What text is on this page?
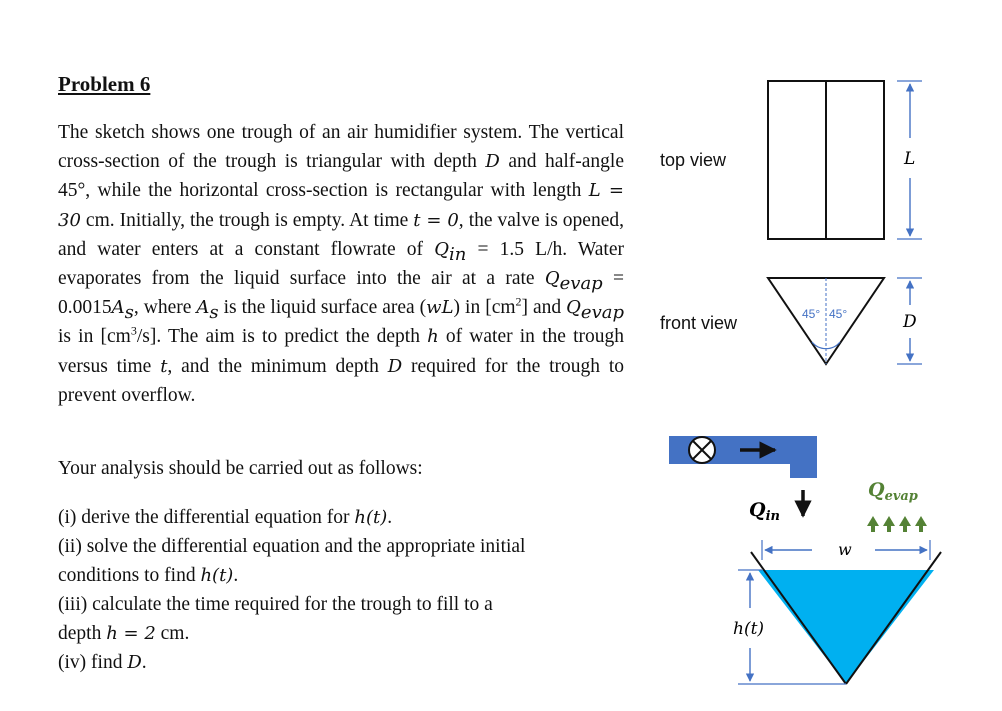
Problem 6
The sketch shows one trough of an air humidifier system. The vertical cross-section of the trough is triangular with depth D and half-angle 45°, while the horizontal cross-section is rectangular with length L = 30 cm. Initially, the trough is empty. At time t = 0, the valve is opened, and water enters at a constant flowrate of $Q_{in} = 1.5$ L/h. Water evaporates from the liquid surface into the air at a rate $Q_{evap} = 0.0015A_s$, where $A_s$ is the liquid surface area (wL) in $[cm^2]$ and $Q_{evap}$ is in $[cm^3/s]$. The aim is to predict the depth h of water in the trough versus time t, and the minimum depth D required for the trough to prevent overflow.
Your analysis should be carried out as follows:
(i) derive the differential equation for h(t).
(ii) solve the differential equation and the appropriate initial
conditions to find h(t).
(iii) calculate the time required for the trough to fill to a
depth h = 2 cm.
(iv) find D.
top view
front view
L
45° 45°	D
$Q_{in}$
$Q_{evap}$
w
h(t)
